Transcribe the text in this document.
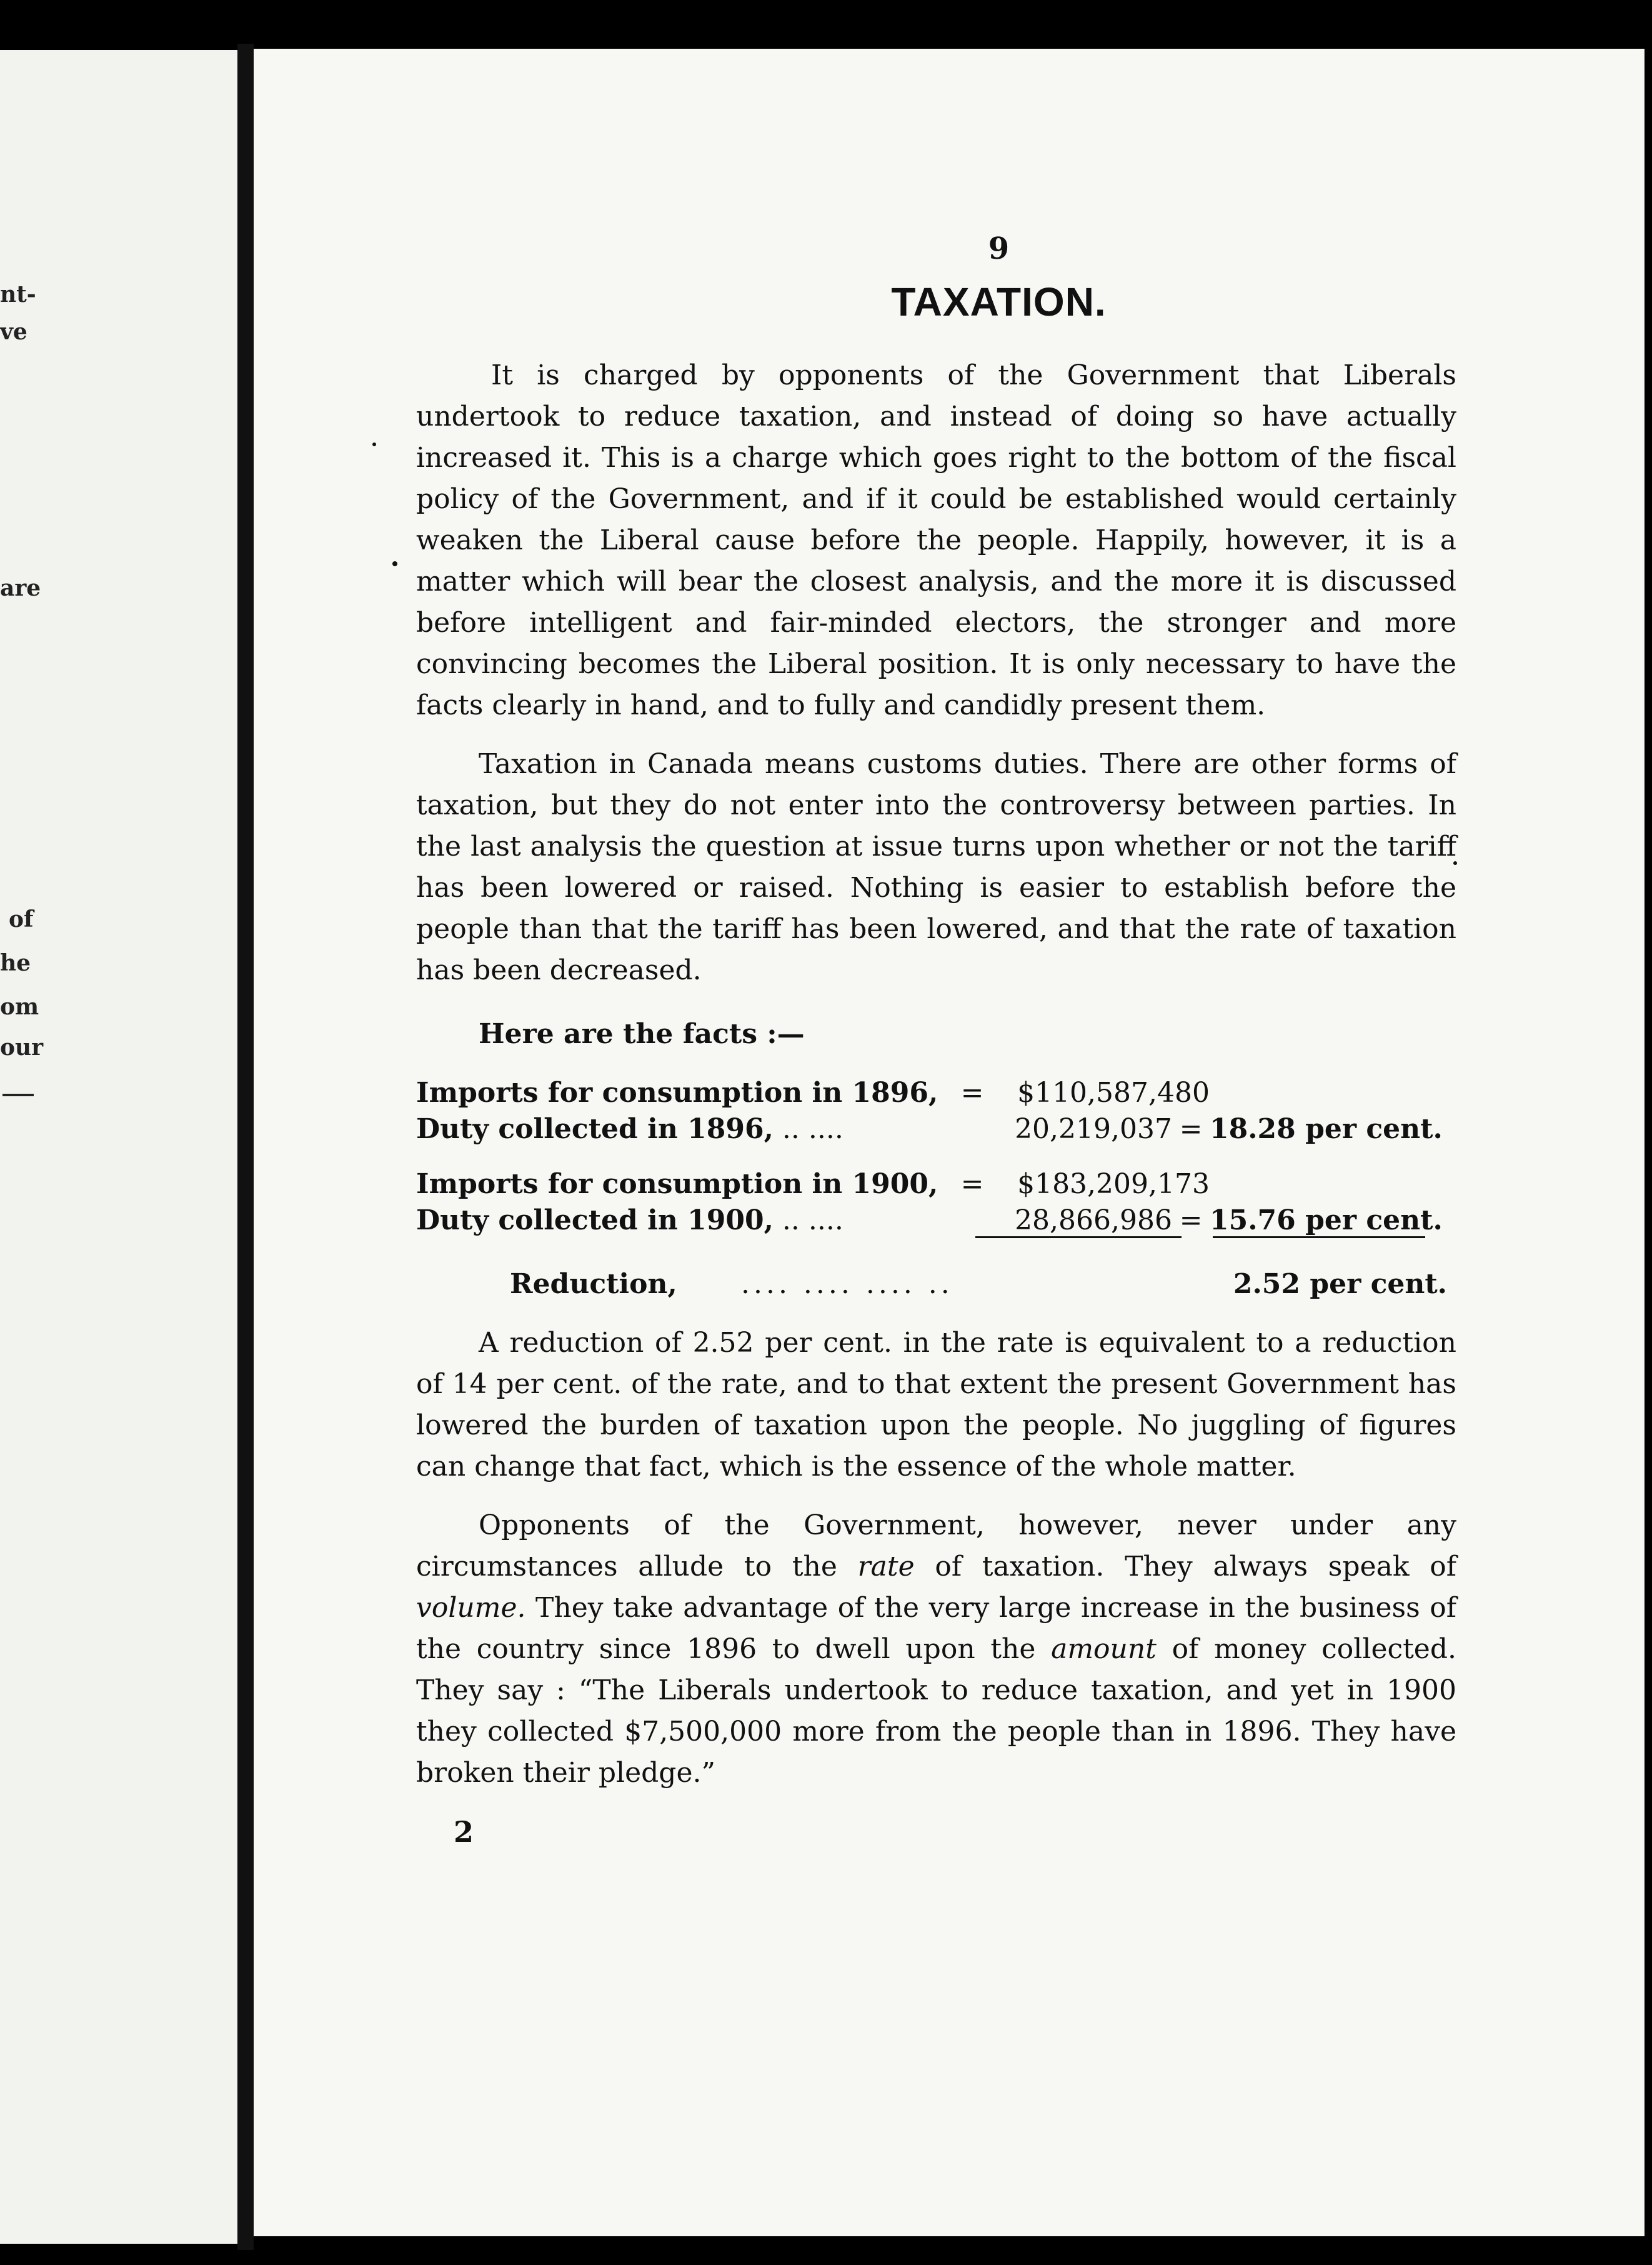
nt-
ve
are
of
he
om
our
9
TAXATION.

It is charged by opponents of the Government that Liberals undertook to reduce taxation, and instead of doing so have actually increased it. This is a charge which goes right to the bottom of the fiscal policy of the Government, and if it could be established would certainly weaken the Liberal cause before the people. Happily, however, it is a matter which will bear the closest analysis, and the more it is discussed before intelligent and fair-minded electors, the stronger and more convincing becomes the Liberal position. It is only necessary to have the facts clearly in hand, and to fully and candidly present them.

Taxation in Canada means customs duties. There are other forms of taxation, but they do not enter into the controversy between parties. In the last analysis the question at issue turns upon whether or not the tariff has been lowered or raised. Nothing is easier to establish before the people than that the tariff has been lowered, and that the rate of taxation has been decreased.

Here are the facts :—
Imports for consumption in 1896, =	$110,587,480
Duty collected in 1896, .. ....	20,219,037 = 18.28 per cent.
Imports for consumption in 1900, =	$183,209,173
Duty collected in 1900, .. ....	28,866,986 = 15.76 per cent.
Reduction,	.... .... .... ..	2.52 per cent.

A reduction of 2.52 per cent. in the rate is equivalent to a reduction of 14 per cent. of the rate, and to that extent the present Government has lowered the burden of taxation upon the people. No juggling of figures can change that fact, which is the essence of the whole matter.

Opponents of the Government, however, never under any circumstances allude to the rate of taxation. They always speak of volume. They take advantage of the very large increase in the business of the country since 1896 to dwell upon the amount of money collected. They say : “The Liberals undertook to reduce taxation, and yet in 1900 they collected $7,500,000 more from the people than in 1896. They have broken their pledge.”

2
